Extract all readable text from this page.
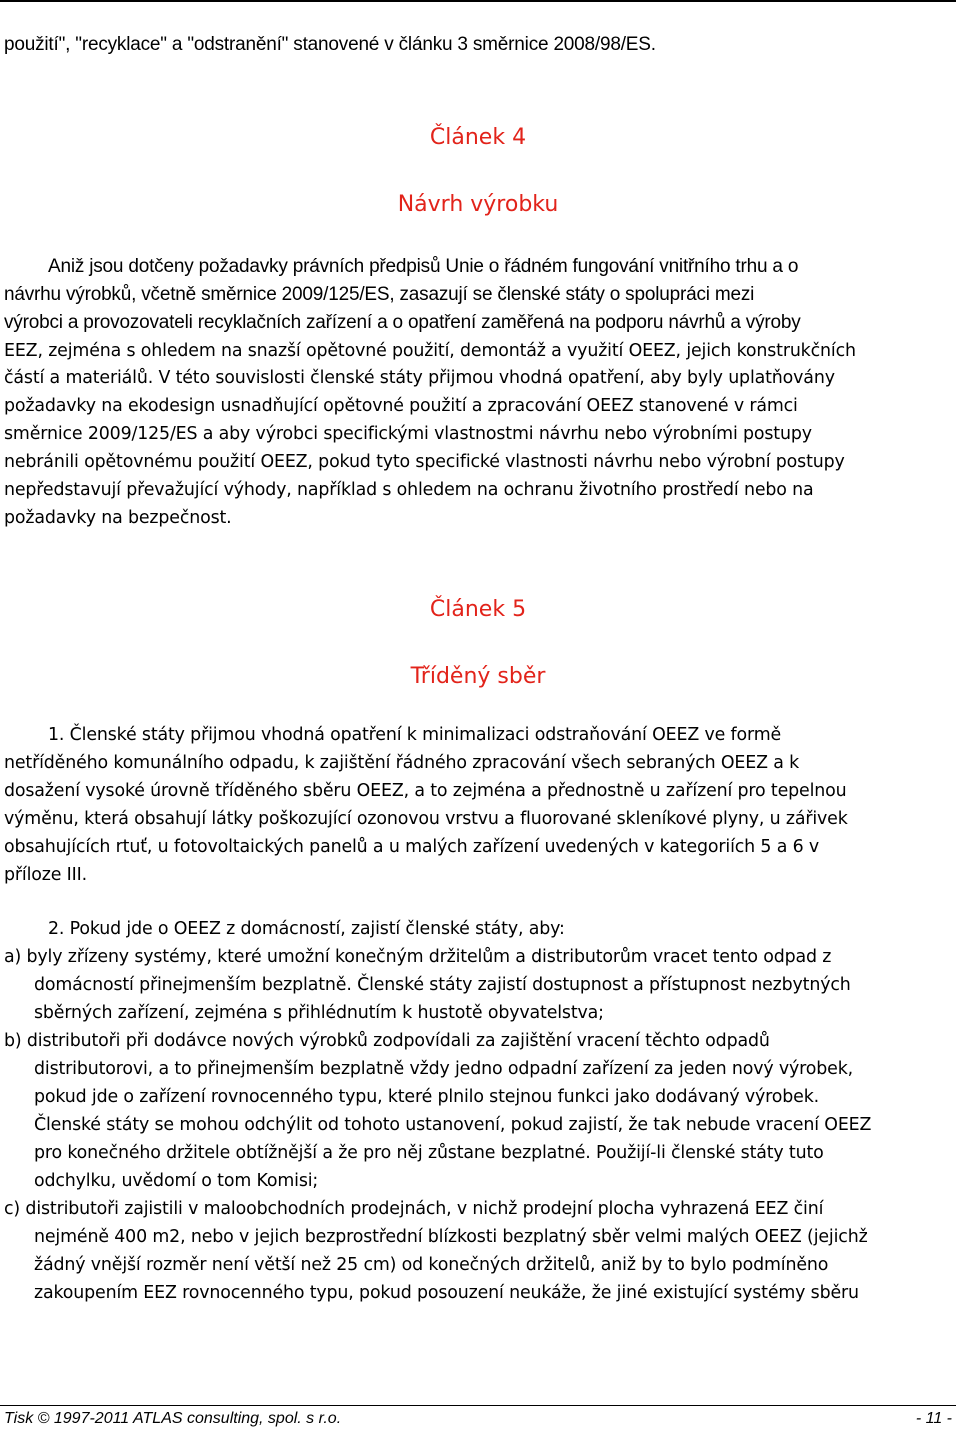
použití", "recyklace" a "odstranění" stanovené v článku 3 směrnice 2008/98/ES.
Článek 4
Návrh výrobku
Aniž jsou dotčeny požadavky právních předpisů Unie o řádném fungování vnitřního trhu a o
návrhu výrobků, včetně směrnice 2009/125/ES, zasazují se členské státy o spolupráci mezi
výrobci a provozovateli recyklačních zařízení a o opatření zaměřená na podporu návrhů a výroby
EEZ, zejména s ohledem na snazší opětovné použití, demontáž a využití OEEZ, jejich konstrukčních
částí a materiálů. V této souvislosti členské státy přijmou vhodná opatření, aby byly uplatňovány
požadavky na ekodesign usnadňující opětovné použití a zpracování OEEZ stanovené v rámci
směrnice 2009/125/ES a aby výrobci specifickými vlastnostmi návrhu nebo výrobními postupy
nebránili opětovnému použití OEEZ, pokud tyto specifické vlastnosti návrhu nebo výrobní postupy
nepředstavují převažující výhody, například s ohledem na ochranu životního prostředí nebo na
požadavky na bezpečnost.
Článek 5
Tříděný sběr
1. Členské státy přijmou vhodná opatření k minimalizaci odstraňování OEEZ ve formě
netříděného komunálního odpadu, k zajištění řádného zpracování všech sebraných OEEZ a k
dosažení vysoké úrovně tříděného sběru OEEZ, a to zejména a přednostně u zařízení pro tepelnou
výměnu, která obsahují látky poškozující ozonovou vrstvu a fluorované skleníkové plyny, u zářivek
obsahujících rtuť, u fotovoltaických panelů a u malých zařízení uvedených v kategoriích 5 a 6 v
příloze III.
2. Pokud jde o OEEZ z domácností, zajistí členské státy, aby:
a) byly zřízeny systémy, které umožní konečným držitelům a distributorům vracet tento odpad z
domácností přinejmenším bezplatně. Členské státy zajistí dostupnost a přístupnost nezbytných
sběrných zařízení, zejména s přihlédnutím k hustotě obyvatelstva;
b) distributoři při dodávce nových výrobků zodpovídali za zajištění vracení těchto odpadů
distributorovi, a to přinejmenším bezplatně vždy jedno odpadní zařízení za jeden nový výrobek,
pokud jde o zařízení rovnocenného typu, které plnilo stejnou funkci jako dodávaný výrobek.
Členské státy se mohou odchýlit od tohoto ustanovení, pokud zajistí, že tak nebude vracení OEEZ
pro konečného držitele obtížnější a že pro něj zůstane bezplatné. Použijí-li členské státy tuto
odchylku, uvědomí o tom Komisi;
c) distributoři zajistili v maloobchodních prodejnách, v nichž prodejní plocha vyhrazená EEZ činí
nejméně 400 m2, nebo v jejich bezprostřední blízkosti bezplatný sběr velmi malých OEEZ (jejichž
žádný vnější rozměr není větší než 25 cm) od konečných držitelů, aniž by to bylo podmíněno
zakoupením EEZ rovnocenného typu, pokud posouzení neukáže, že jiné existující systémy sběru
Tisk © 1997-2011 ATLAS consulting, spol. s r.o.	- 11 -
